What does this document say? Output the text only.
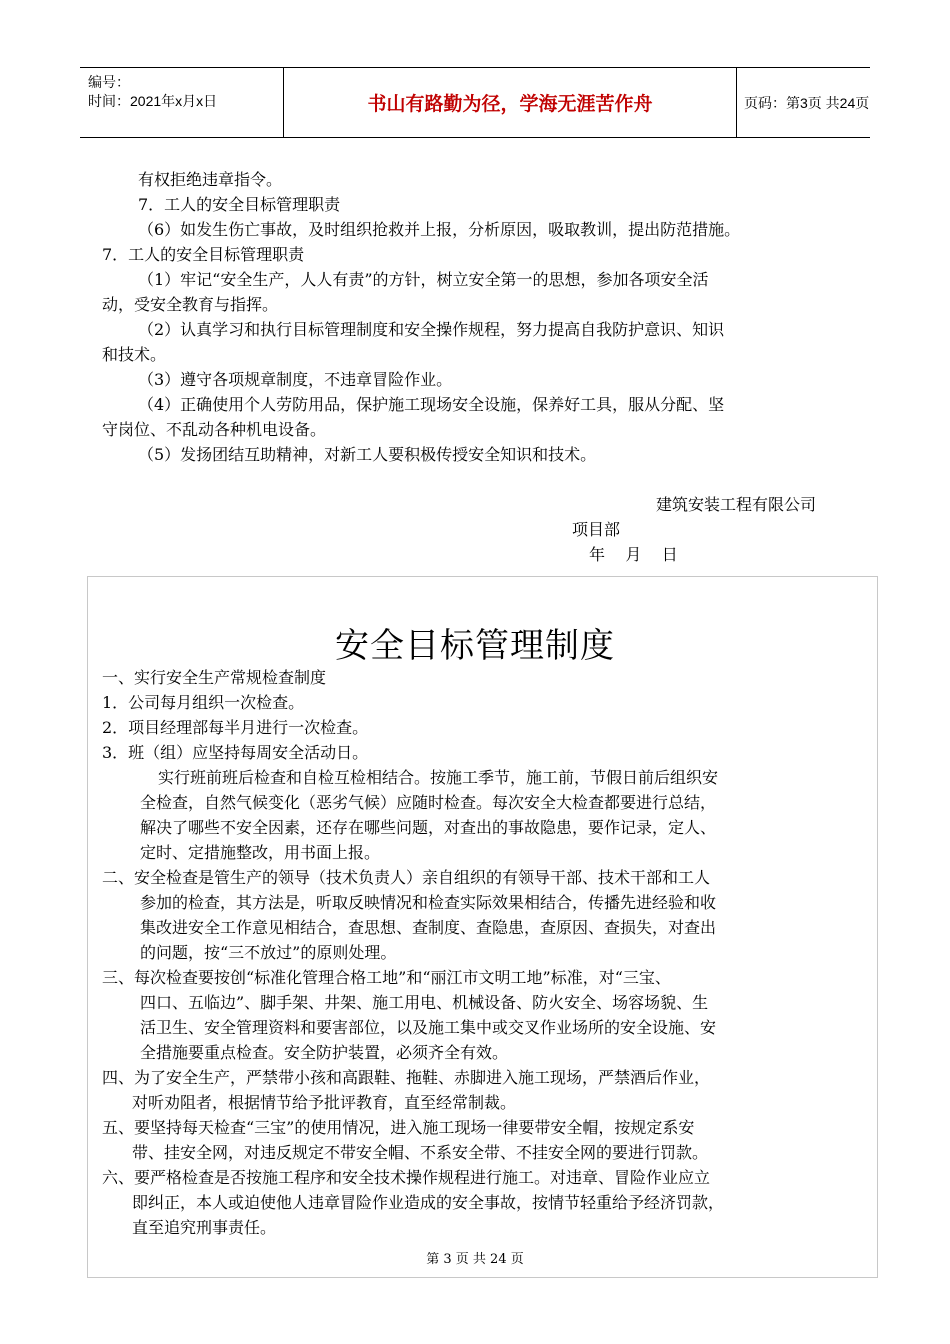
编号：
时间：2021年x月x日	书山有路勤为径，学海无涯苦作舟	页码：第3页 共24页
有权拒绝违章指令。
7．工人的安全目标管理职责
（6）如发生伤亡事故，及时组织抢救并上报，分析原因，吸取教训，提出防范措施。
7．工人的安全目标管理职责
（1）牢记“安全生产，人人有责”的方针，树立安全第一的思想，参加各项安全活
动，受安全教育与指挥。
（2）认真学习和执行目标管理制度和安全操作规程，努力提高自我防护意识、知识
和技术。
（3）遵守各项规章制度，不违章冒险作业。
（4）正确使用个人劳防用品，保护施工现场安全设施，保养好工具，服从分配、坚
守岗位、不乱动各种机电设备。
（5）发扬团结互助精神，对新工人要积极传授安全知识和技术。
建筑安装工程有限公司
项目部
年    月    日
安全目标管理制度
一、实行安全生产常规检查制度
1．公司每月组织一次检查。
2．项目经理部每半月进行一次检查。
3．班（组）应坚持每周安全活动日。
实行班前班后检查和自检互检相结合。按施工季节，施工前，节假日前后组织安
全检查，自然气候变化（恶劣气候）应随时检查。每次安全大检查都要进行总结，
解决了哪些不安全因素，还存在哪些问题，对查出的事故隐患，要作记录，定人、
定时、定措施整改，用书面上报。
二、安全检查是管生产的领导（技术负责人）亲自组织的有领导干部、技术干部和工人
参加的检查，其方法是，听取反映情况和检查实际效果相结合，传播先进经验和收
集改进安全工作意见相结合，查思想、查制度、查隐患，查原因、查损失，对查出
的问题，按“三不放过”的原则处理。
三、每次检查要按创“标准化管理合格工地”和“丽江市文明工地”标准，对“三宝、
四口、五临边”、脚手架、井架、施工用电、机械设备、防火安全、场容场貌、生
活卫生、安全管理资料和要害部位，以及施工集中或交叉作业场所的安全设施、安
全措施要重点检查。安全防护装置，必须齐全有效。
四、为了安全生产，严禁带小孩和高跟鞋、拖鞋、赤脚进入施工现场，严禁酒后作业，
对听劝阻者，根据情节给予批评教育，直至经常制裁。
五、要坚持每天检查“三宝”的使用情况，进入施工现场一律要带安全帽，按规定系安
带、挂安全网，对违反规定不带安全帽、不系安全带、不挂安全网的要进行罚款。
六、要严格检查是否按施工程序和安全技术操作规程进行施工。对违章、冒险作业应立
即纠正，本人或迫使他人违章冒险作业造成的安全事故，按情节轻重给予经济罚款，
直至追究刑事责任。
第 3 页 共 24 页
